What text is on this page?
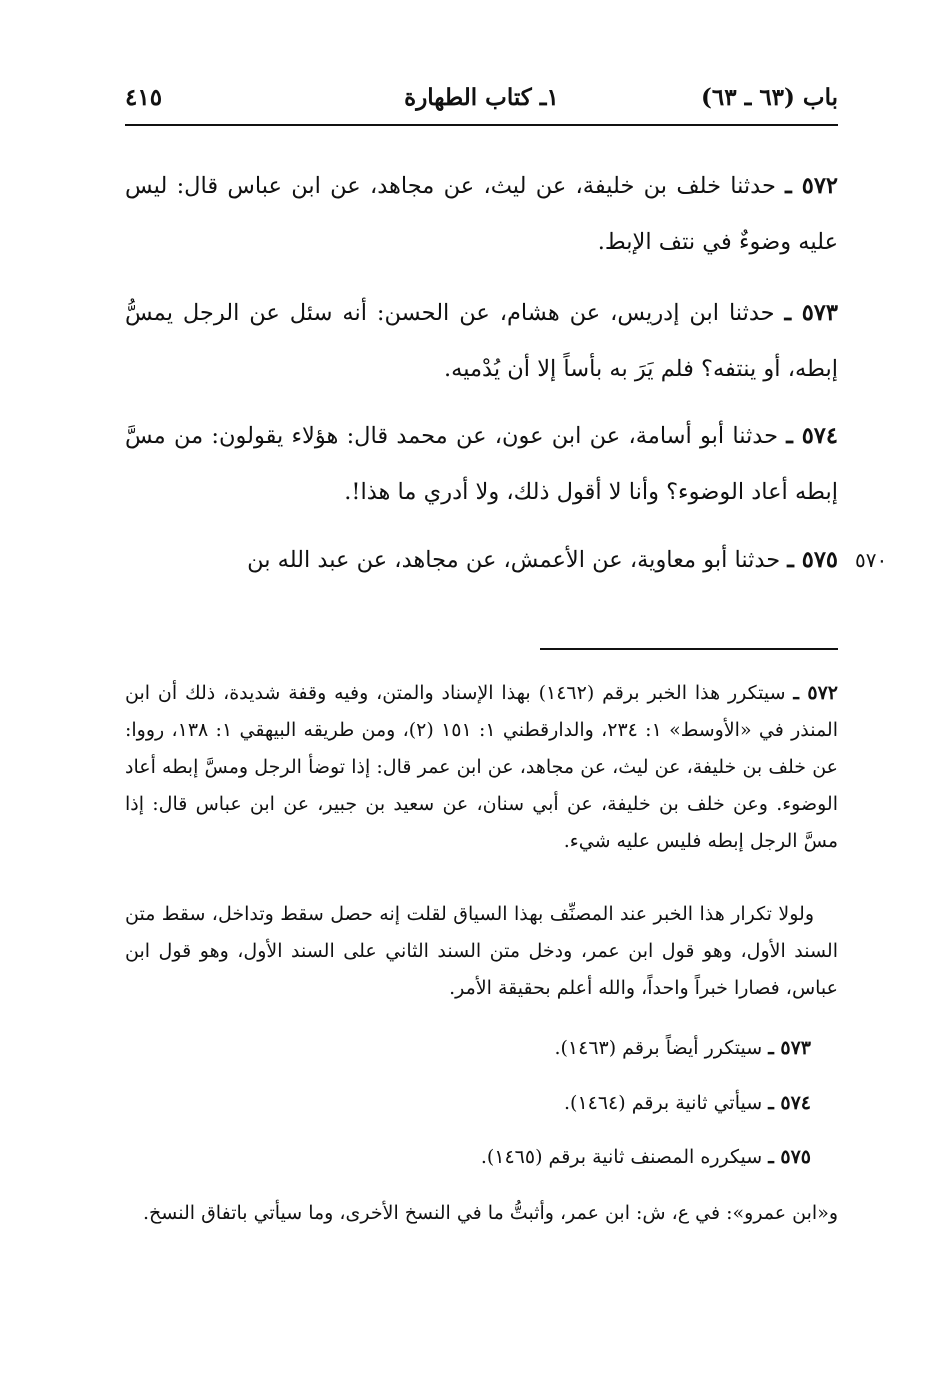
باب (٦٣ ـ ٦٣)
١ـ كتاب الطهارة
٤١٥

٥٧٢ ـ حدثنا خلف بن خليفة، عن ليث، عن مجاهد، عن ابن عباس قال: ليس عليه وضوءٌ في نتف الإبط.

٥٧٣ ـ حدثنا ابن إدريس، عن هشام، عن الحسن: أنه سئل عن الرجل يمسُّ إبطه، أو ينتفه؟ فلم يَرَ به بأساً إلا أن يُدْميه.

٥٧٤ ـ حدثنا أبو أسامة، عن ابن عون، عن محمد قال: هؤلاء يقولون: من مسَّ إبطه أعاد الوضوء؟ وأنا لا أقول ذلك، ولا أدري ما هذا!.

٥٧٥ ـ حدثنا أبو معاوية، عن الأعمش، عن مجاهد، عن عبد الله بن	٥٧٠

٥٧٢ ـ سيتكرر هذا الخبر برقم (١٤٦٢) بهذا الإسناد والمتن، وفيه وقفة شديدة، ذلك أن ابن المنذر في «الأوسط» ١: ٢٣٤، والدارقطني ١: ١٥١ (٢)، ومن طريقه البيهقي ١: ١٣٨، رووا: عن خلف بن خليفة، عن ليث، عن مجاهد، عن ابن عمر قال: إذا توضأ الرجل ومسَّ إبطه أعاد الوضوء. وعن خلف بن خليفة، عن أبي سنان، عن سعيد بن جبير، عن ابن عباس قال: إذا مسَّ الرجل إبطه فليس عليه شيء.

ولولا تكرار هذا الخبر عند المصنِّف بهذا السياق لقلت إنه حصل سقط وتداخل، سقط متن السند الأول، وهو قول ابن عمر، ودخل متن السند الثاني على السند الأول، وهو قول ابن عباس، فصارا خبراً واحداً، والله أعلم بحقيقة الأمر.

٥٧٣ ـ سيتكرر أيضاً برقم (١٤٦٣).

٥٧٤ ـ سيأتي ثانية برقم (١٤٦٤).

٥٧٥ ـ سيكرره المصنف ثانية برقم (١٤٦٥).

و«ابن عمرو»: في ع، ش: ابن عمر، وأثبتُّ ما في النسخ الأخرى، وما سيأتي باتفاق النسخ.
